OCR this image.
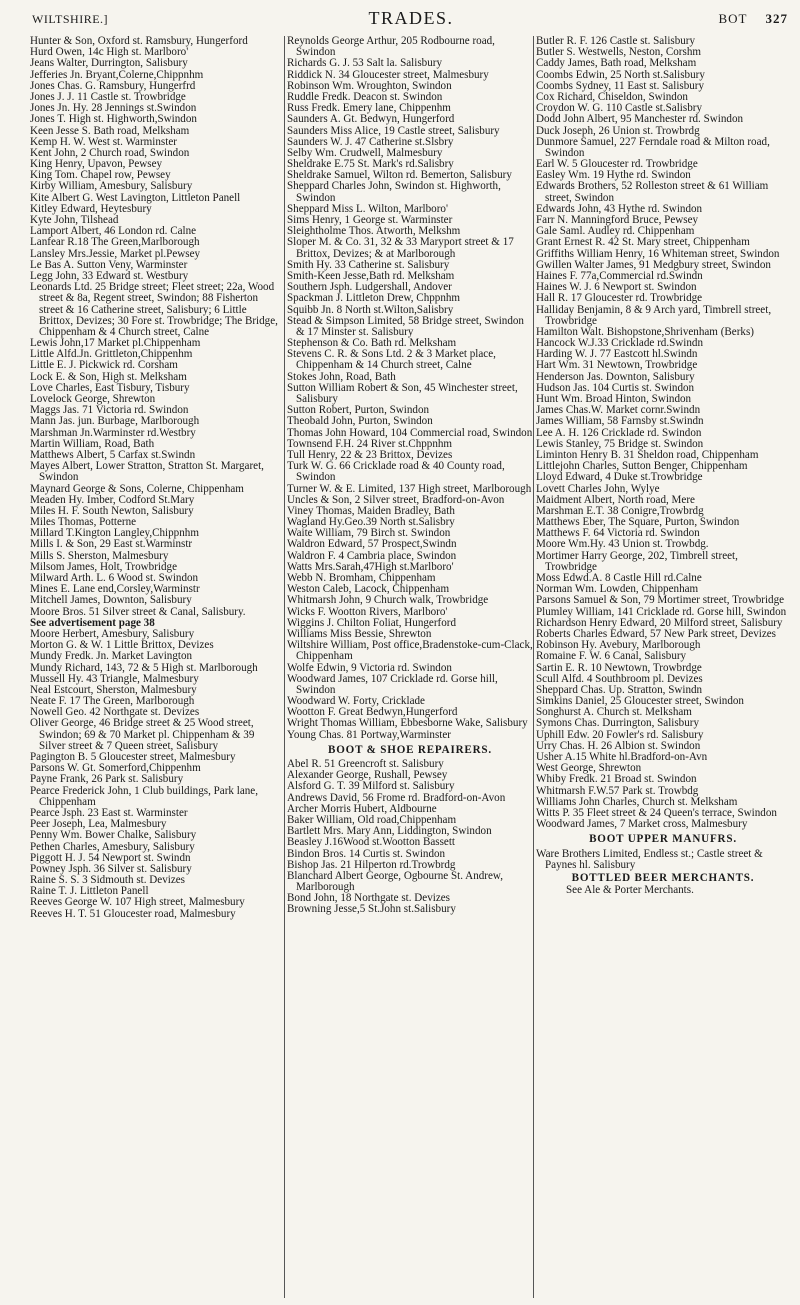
WILTSHIRE.]	TRADES.	BOT 327
Hunter & Son, Oxford st. Ramsbury, Hungerford
Hurd Owen, 14c High st. Marlboro'
Jeans Walter, Durrington, Salisbury
Jefferies Jn. Bryant,Colerne,Chippnhm
Jones Chas. G. Ramsbury, Hungerfrd
Jones J. J. 11 Castle st. Trowbridge
Jones Jn. Hy. 28 Jennings st.Swindon
Jones T. High st. Highworth,Swindon
Keen Jesse S. Bath road, Melksham
Kemp H. W. West st. Warminster
Kent John, 2 Church road, Swindon
King Henry, Upavon, Pewsey
King Tom. Chapel row, Pewsey
Kirby William, Amesbury, Salisbury
Kite Albert G. West Lavington, Littleton Panell
Kitley Edward, Heytesbury
Kyte John, Tilshead
Lamport Albert, 46 London rd. Calne
Lanfear R.18 The Green,Marlborough
Lansley Mrs.Jessie, Market pl.Pewsey
Le Bas A. Sutton Veny, Warminster
Legg John, 33 Edward st. Westbury
Leonards Ltd. 25 Bridge street; Fleet street; 22a, Wood street & 8a, Regent street, Swindon; 88 Fisherton street & 16 Catherine street, Salisbury; 6 Little Brittox, Devizes; 30 Fore st. Trowbridge; The Bridge, Chippenham & 4 Church street, Calne
Lewis John,17 Market pl.Chippenham
Little Alfd.Jn. Grittleton,Chippenhm
Little E. J. Pickwick rd. Corsham
Lock E. & Son, High st. Melksham
Love Charles, East Tisbury, Tisbury
Lovelock George, Shrewton
Maggs Jas. 71 Victoria rd. Swindon
Mann Jas. jun. Burbage, Marlborough
Marshman Jn.Warminster rd.Westbry
Martin William, Road, Bath
Matthews Albert, 5 Carfax st.Swindn
Mayes Albert, Lower Stratton, Stratton St. Margaret, Swindon
Maynard George & Sons, Colerne, Chippenham
Meaden Hy. Imber, Codford St.Mary
Miles H. F. South Newton, Salisbury
Miles Thomas, Potterne
Millard T.Kington Langley,Chippnhm
Mills I. & Son, 29 East st.Warminstr
Mills S. Sherston, Malmesbury
Milsom James, Holt, Trowbridge
Milward Arth. L. 6 Wood st. Swindon
Mines E. Lane end,Corsley,Warminstr
Mitchell James, Downton, Salisbury
Moore Bros. 51 Silver street & Canal, Salisbury.
See advertisement page 38
Moore Herbert, Amesbury, Salisbury
Morton G. & W. 1 Little Brittox, Devizes
Mundy Fredk. Jn. Market Lavington
Mundy Richard, 143, 72 & 5 High st. Marlborough
Mussell Hy. 43 Triangle, Malmesbury
Neal Estcourt, Sherston, Malmesbury
Neate F. 17 The Green, Marlborough
Nowell Geo. 42 Northgate st. Devizes
Oliver George, 46 Bridge street & 25 Wood street, Swindon; 69 & 70 Market pl. Chippenham & 39 Silver street & 7 Queen street, Salisbury
Pagington B. 5 Gloucester street, Malmesbury
Parsons W. Gt. Somerford,Chippenhm
Payne Frank, 26 Park st. Salisbury
Pearce Frederick John, 1 Club buildings, Park lane, Chippenham
Pearce Jsph. 23 East st. Warminster
Peer Joseph, Lea, Malmesbury
Penny Wm. Bower Chalke, Salisbury
Pethen Charles, Amesbury, Salisbury
Piggott H. J. 54 Newport st. Swindn
Powney Jsph. 36 Silver st. Salisbury
Raine S. S. 3 Sidmouth st. Devizes
Raine T. J. Littleton Panell
Reeves George W. 107 High street, Malmesbury
Reeves H. T. 51 Gloucester road, Malmesbury
Reynolds George Arthur, 205 Rodbourne road, Swindon
Richards G. J. 53 Salt la. Salisbury
Riddick N. 34 Gloucester street, Malmesbury
Robinson Wm. Wroughton, Swindon
Ruddle Fredk. Deacon st. Swindon
Russ Fredk. Emery lane, Chippenhm
Saunders A. Gt. Bedwyn, Hungerford
Saunders Miss Alice, 19 Castle street, Salisbury
Saunders W. J. 47 Catherine st.Slsbry
Selby Wm. Crudwell, Malmesbury
Sheldrake E.75 St. Mark's rd.Salisbry
Sheldrake Samuel, Wilton rd. Bemerton, Salisbury
Sheppard Charles John, Swindon st. Highworth, Swindon
Sheppard Miss L. Wilton, Marlboro'
Sims Henry, 1 George st. Warminster
Sleightholme Thos. Atworth, Melkshm
Sloper M. & Co. 31, 32 & 33 Maryport street & 17 Brittox, Devizes; & at Marlborough
Smith Hy. 33 Catherine st. Salisbury
Smith-Keen Jesse,Bath rd. Melksham
Southern Jsph. Ludgershall, Andover
Spackman J. Littleton Drew, Chppnhm
Squibb Jn. 8 North st.Wilton,Salisbry
Stead & Simpson Limited, 58 Bridge street, Swindon & 17 Minster st. Salisbury
Stephenson & Co. Bath rd. Melksham
Stevens C. R. & Sons Ltd. 2 & 3 Market place, Chippenham & 14 Church street, Calne
Stokes John, Road, Bath
Sutton William Robert & Son, 45 Winchester street, Salisbury
Sutton Robert, Purton, Swindon
Theobald John, Purton, Swindon
Thomas John Howard, 104 Commercial road, Swindon
Townsend F.H. 24 River st.Chppnhm
Tull Henry, 22 & 23 Brittox, Devizes
Turk W. G. 66 Cricklade road & 40 County road, Swindon
Turner W. & E. Limited, 137 High street, Marlborough
Uncles & Son, 2 Silver street, Bradford-on-Avon
Viney Thomas, Maiden Bradley, Bath
Wagland Hy.Geo.39 North st.Salisbry
Waite William, 79 Birch st. Swindon
Waldron Edward, 57 Prospect,Swindn
Waldron F. 4 Cambria place, Swindon
Watts Mrs.Sarah,47High st.Marlboro'
Webb N. Bromham, Chippenham
Weston Caleb, Lacock, Chippenham
Whitmarsh John, 9 Church walk, Trowbridge
Wicks F. Wootton Rivers, Marlboro'
Wiggins J. Chilton Foliat, Hungerford
Williams Miss Bessie, Shrewton
Wiltshire William, Post office,Bradenstoke-cum-Clack, Chippenham
Wolfe Edwin, 9 Victoria rd. Swindon
Woodward James, 107 Cricklade rd. Gorse hill, Swindon
Woodward W. Forty, Cricklade
Wootton F. Great Bedwyn,Hungerford
Wright Thomas William, Ebbesborne Wake, Salisbury
Young Chas. 81 Portway,Warminster
BOOT & SHOE REPAIRERS.
Abel R. 51 Greencroft st. Salisbury
Alexander George, Rushall, Pewsey
Alsford G. T. 39 Milford st. Salisbury
Andrews David, 56 Frome rd. Bradford-on-Avon
Archer Morris Hubert, Aldbourne
Baker William, Old road,Chippenham
Bartlett Mrs. Mary Ann, Liddington, Swindon
Beasley J.16Wood st.Wootton Bassett
Bindon Bros. 14 Curtis st. Swindon
Bishop Jas. 21 Hilperton rd.Trowbrdg
Blanchard Albert George, Ogbourne St. Andrew, Marlborough
Bond John, 18 Northgate st. Devizes
Browning Jesse,5 St.John st.Salisbury
Butler R. F. 126 Castle st. Salisbury
Butler S. Westwells, Neston, Corshm
Caddy James, Bath road, Melksham
Coombs Edwin, 25 North st.Salisbury
Coombs Sydney, 11 East st. Salisbury
Cox Richard, Chiseldon, Swindon
Croydon W. G. 110 Castle st.Salisbry
Dodd John Albert, 95 Manchester rd. Swindon
Duck Joseph, 26 Union st. Trowbrdg
Dunmore Samuel, 227 Ferndale road & Milton road, Swindon
Earl W. 5 Gloucester rd. Trowbridge
Easley Wm. 19 Hythe rd. Swindon
Edwards Brothers, 52 Rolleston street & 61 William street, Swindon
Edwards John, 43 Hythe rd. Swindon
Farr N. Manningford Bruce, Pewsey
Gale Saml. Audley rd. Chippenham
Grant Ernest R. 42 St. Mary street, Chippenham
Griffiths William Henry, 16 Whiteman street, Swindon
Gwillen Walter James, 91 Medgbury street, Swindon
Haines F. 77a,Commercial rd.Swindn
Haines W. J. 6 Newport st. Swindon
Hall R. 17 Gloucester rd. Trowbridge
Halliday Benjamin, 8 & 9 Arch yard, Timbrell street, Trowbridge
Hamilton Walt. Bishopstone,Shrivenham (Berks)
Hancock W.J.33 Cricklade rd.Swindn
Harding W. J. 77 Eastcott hl.Swindn
Hart Wm. 31 Newtown, Trowbridge
Henderson Jas. Downton, Salisbury
Hudson Jas. 104 Curtis st. Swindon
Hunt Wm. Broad Hinton, Swindon
James Chas.W. Market cornr.Swindn
James William, 58 Farnsby st.Swindn
Lee A. H. 126 Cricklade rd. Swindon
Lewis Stanley, 75 Bridge st. Swindon
Liminton Henry B. 31 Sheldon road, Chippenham
Littlejohn Charles, Sutton Benger, Chippenham
Lloyd Edward, 4 Duke st.Trowbridge
Lovett Charles John, Wylye
Maidment Albert, North road, Mere
Marshman E.T. 38 Conigre,Trowbrdg
Matthews Eber, The Square, Purton, Swindon
Matthews F. 64 Victoria rd. Swindon
Moore Wm.Hy. 43 Union st. Trowbdg.
Mortimer Harry George, 202, Timbrell street, Trowbridge
Moss Edwd.A. 8 Castle Hill rd.Calne
Norman Wm. Lowden, Chippenham
Parsons Samuel & Son, 79 Mortimer street, Trowbridge
Plumley William, 141 Cricklade rd. Gorse hill, Swindon
Richardson Henry Edward, 20 Milford street, Salisbury
Roberts Charles Edward, 57 New Park street, Devizes
Robinson Hy. Avebury, Marlborough
Romaine F. W. 6 Canal, Salisbury
Sartin E. R. 10 Newtown, Trowbrdge
Scull Alfd. 4 Southbroom pl. Devizes
Sheppard Chas. Up. Stratton, Swindn
Simkins Daniel, 25 Gloucester street, Swindon
Songhurst A. Church st. Melksham
Symons Chas. Durrington, Salisbury
Uphill Edw. 20 Fowler's rd. Salisbury
Urry Chas. H. 26 Albion st. Swindon
Usher A.15 White hl.Bradford-on-Avn
West George, Shrewton
Whiby Fredk. 21 Broad st. Swindon
Whitmarsh F.W.57 Park st. Trowbdg
Williams John Charles, Church st. Melksham
Witts P. 35 Fleet street & 24 Queen's terrace, Swindon
Woodward James, 7 Market cross, Malmesbury
BOOT UPPER MANUFRS.
Ware Brothers Limited, Endless st.; Castle street & Paynes hl. Salisbury
BOTTLED BEER MERCHANTS.
See Ale & Porter Merchants.
